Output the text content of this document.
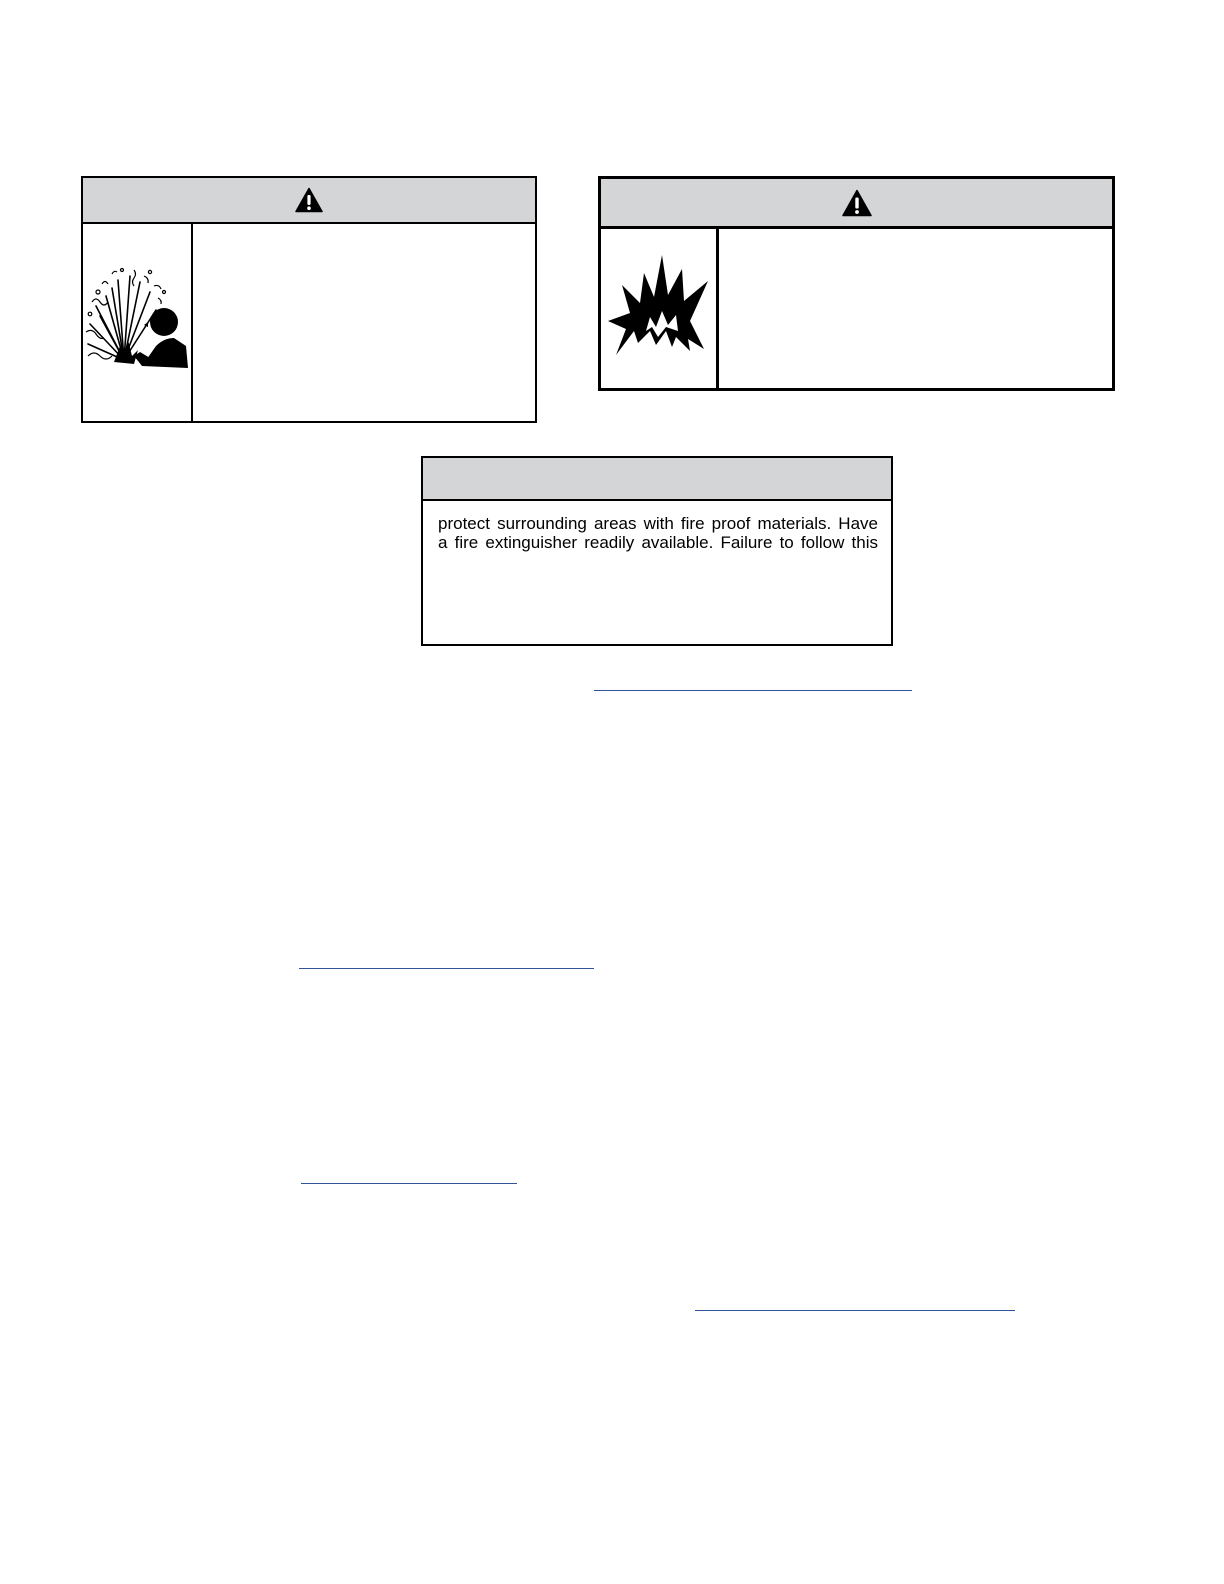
protect surrounding areas with fire proof materials. Have

a fire extinguisher readily available. Failure to follow this
